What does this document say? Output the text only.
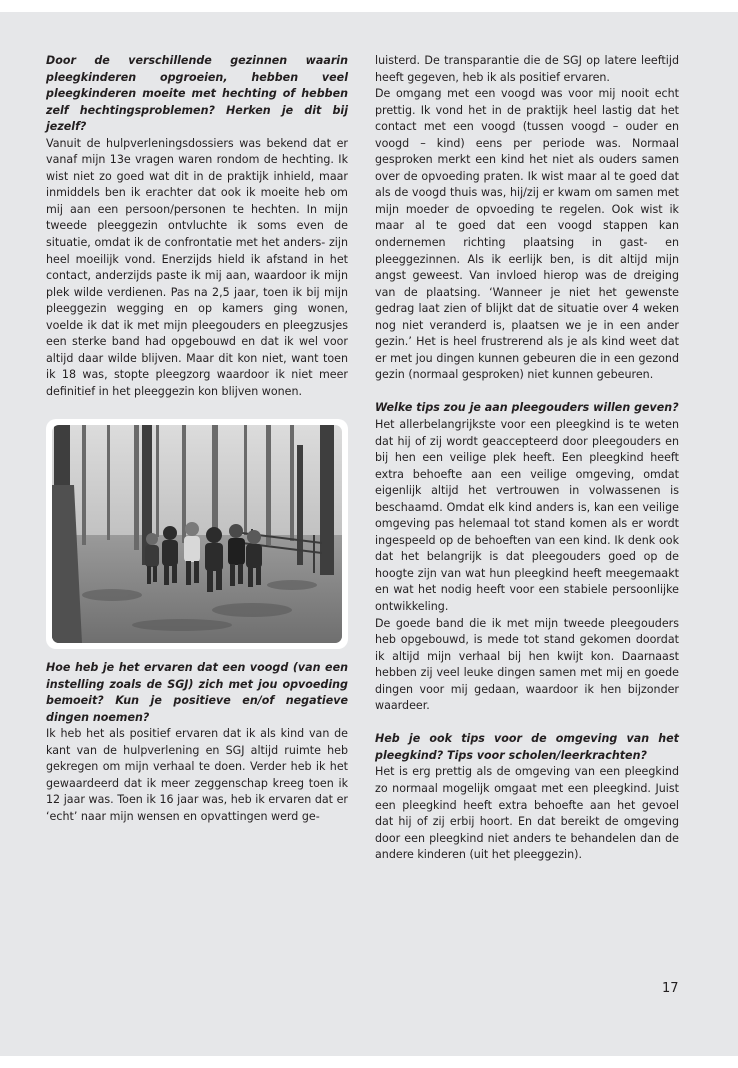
Door de verschillende gezinnen waarin pleegkinderen opgroeien, hebben veel pleegkinderen moeite met hechting of hebben zelf hechtingsproblemen? Herken je dit bij jezelf?

Vanuit de hulpverleningsdossiers was bekend dat er vanaf mijn 13e vragen waren rondom de hechting. Ik wist niet zo goed wat dit in de praktijk inhield, maar inmiddels ben ik erachter dat ook ik moeite heb om mij aan een persoon/personen te hechten. In mijn tweede pleeggezin ontvluchte ik soms even de situatie, omdat ik de confrontatie met het anders- zijn heel moeilijk vond. Enerzijds hield ik afstand in het contact, anderzijds paste ik mij aan, waardoor ik mijn plek wilde verdienen. Pas na 2,5 jaar, toen ik bij mijn pleeggezin wegging en op kamers ging wonen, voelde ik dat ik met mijn pleegouders en pleegzusjes een sterke band had opgebouwd en dat ik wel voor altijd daar wilde blijven. Maar dit kon niet, want toen ik 18 was, stopte pleegzorg waardoor ik niet meer definitief in het pleeggezin kon blijven wonen.

Hoe heb je het ervaren dat een voogd (van een instelling zoals de SGJ) zich met jou opvoeding bemoeit? Kun je positieve en/of negatieve dingen noemen?

Ik heb het als positief ervaren dat ik als kind van de kant van de hulpverlening en SGJ altijd ruimte heb gekregen om mijn verhaal te doen. Verder heb ik het gewaardeerd dat ik meer zeggenschap kreeg toen ik 12 jaar was. Toen ik 16 jaar was, heb ik ervaren dat er ‘echt’ naar mijn wensen en opvattingen werd ge-

luisterd. De transparantie die de SGJ op latere leeftijd heeft gegeven, heb ik als positief ervaren.

De omgang met een voogd was voor mij nooit echt prettig. Ik vond het in de praktijk heel lastig dat het contact met een voogd (tussen voogd – ouder en voogd – kind) eens per periode was. Normaal gesproken merkt een kind het niet als ouders samen over de opvoeding praten. Ik wist maar al te goed dat als de voogd thuis was, hij/zij er kwam om samen met mijn moeder de opvoeding te regelen. Ook wist ik maar al te goed dat een voogd stappen kan ondernemen richting plaatsing in gast- en pleeggezinnen. Als ik eerlijk ben, is dit altijd mijn angst geweest. Van invloed hierop was de dreiging van de plaatsing. ‘Wanneer je niet het gewenste gedrag laat zien of blijkt dat de situatie over 4 weken nog niet veranderd is, plaatsen we je in een ander gezin.’ Het is heel frustrerend als je als kind weet dat er met jou dingen kunnen gebeuren die in een gezond gezin (normaal gesproken) niet kunnen gebeuren.

Welke tips zou je aan pleegouders willen geven?

Het allerbelangrijkste voor een pleegkind is te weten dat hij of zij wordt geaccepteerd door pleegouders en bij hen een veilige plek heeft. Een pleegkind heeft extra behoefte aan een veilige omgeving, omdat eigenlijk altijd het vertrouwen in volwassenen is beschaamd. Omdat elk kind anders is, kan een veilige omgeving pas helemaal tot stand komen als er wordt ingespeeld op de behoeften van een kind. Ik denk ook dat het belangrijk is dat pleegouders goed op de hoogte zijn van wat hun pleegkind heeft meegemaakt en wat het nodig heeft voor een stabiele persoonlijke ontwikkeling.

De goede band die ik met mijn tweede pleegouders heb opgebouwd, is mede tot stand gekomen doordat ik altijd mijn verhaal bij hen kwijt kon. Daarnaast hebben zij veel leuke dingen samen met mij en goede dingen voor mij gedaan, waardoor ik hen bijzonder waardeer.

Heb je ook tips voor de omgeving van het pleegkind? Tips voor scholen/leerkrachten?

Het is erg prettig als de omgeving van een pleegkind zo normaal mogelijk omgaat met een pleegkind. Juist een pleegkind heeft extra behoefte aan het gevoel dat hij of zij erbij hoort. En dat bereikt de omgeving door een pleegkind niet anders te behandelen dan de andere kinderen (uit het pleeggezin).

17
